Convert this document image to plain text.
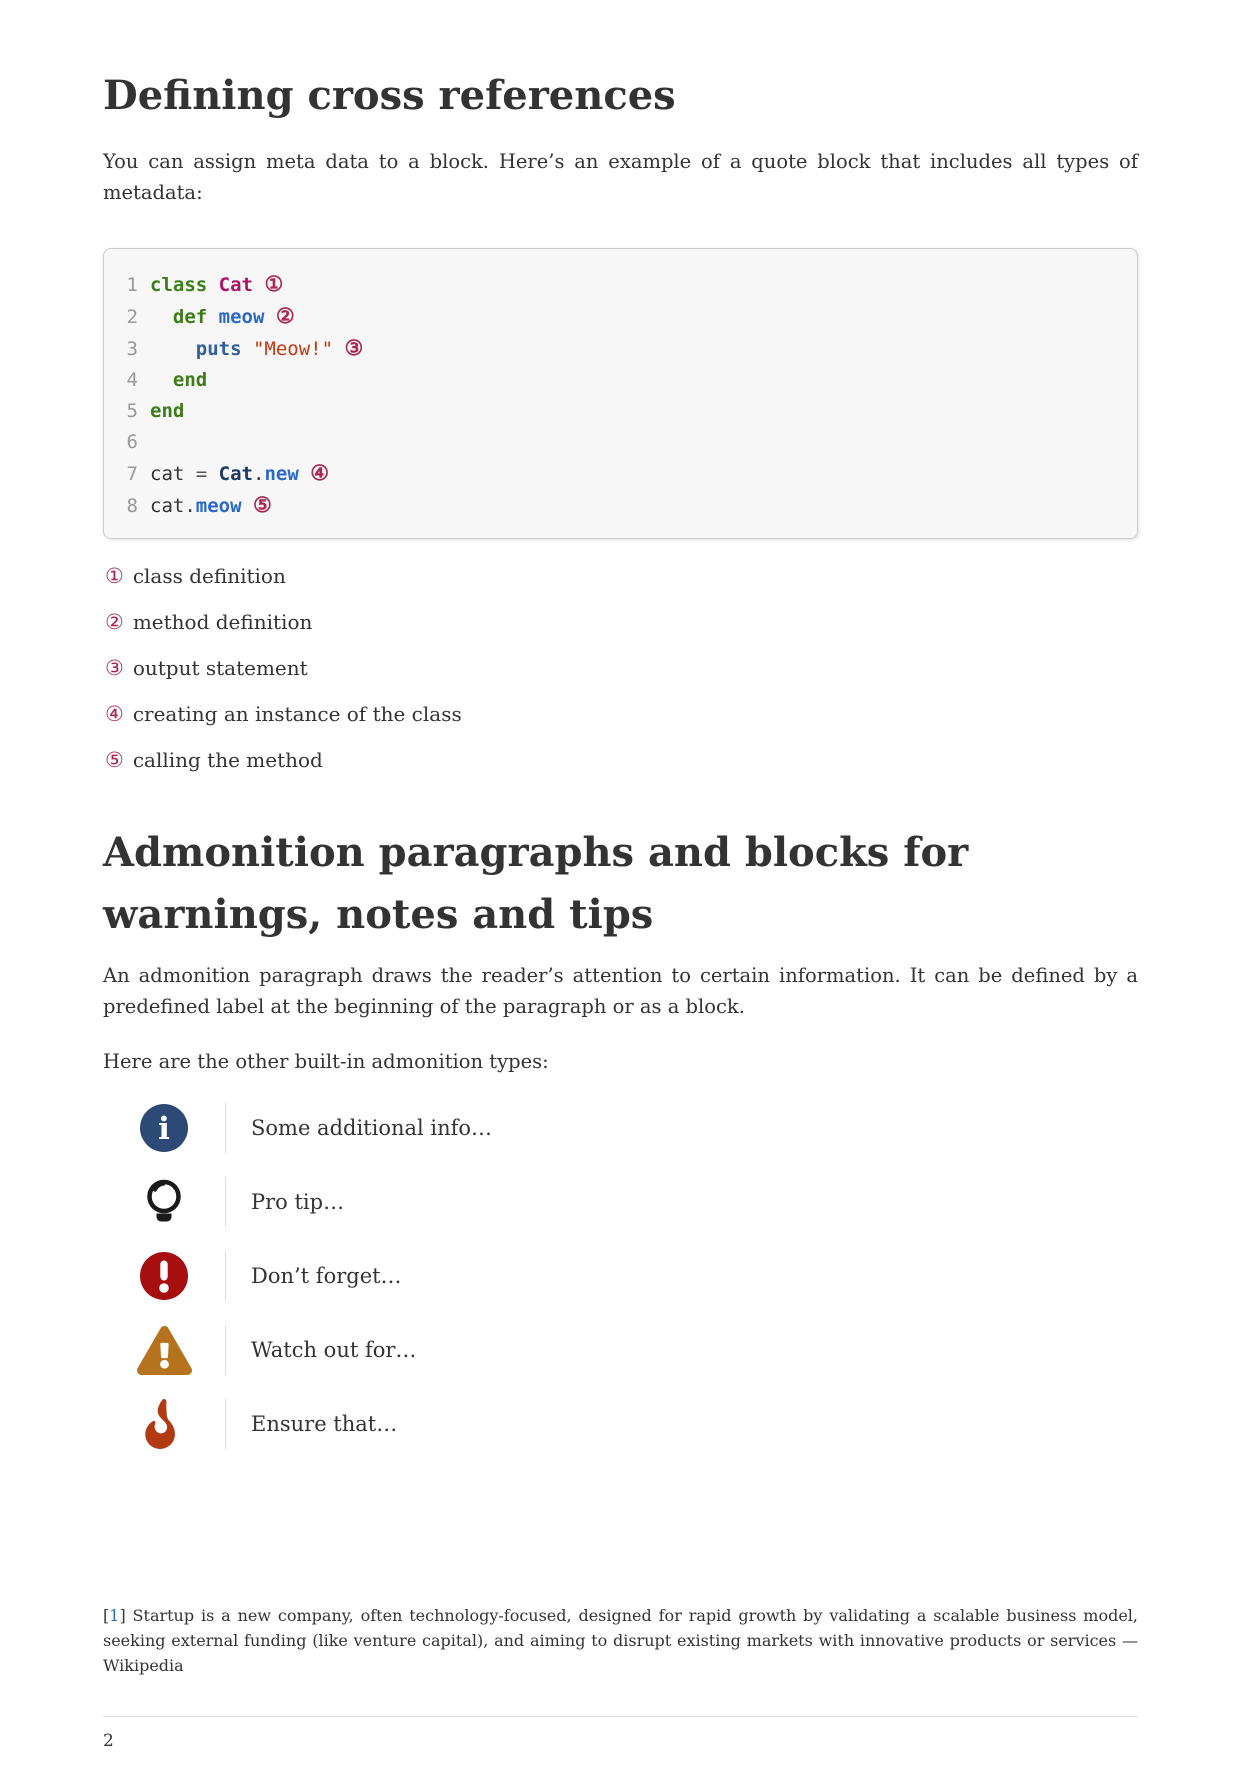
Defining cross references

You can assign meta data to a block. Here’s an example of a quote block that includes all types of metadata:

1 class Cat ①
2 def meow ②
3	puts "Meow!" ③
4 end
5 end
6
7 cat = Cat.new ④
8 cat.meow ⑤
① class definition
② method definition
③ output statement
④ creating an instance of the class
⑤ calling the method
Admonition paragraphs and blocks for warnings, notes and tips

An admonition paragraph draws the reader’s attention to certain information. It can be defined by a predefined label at the beginning of the paragraph or as a block.

Here are the other built-in admonition types:

i	Some additional info…
Pro tip…
Don’t forget…
Watch out for…
Ensure that…

[1] Startup is a new company, often technology-focused, designed for rapid growth by validating a scalable business model, seeking external funding (like venture capital), and aiming to disrupt existing markets with innovative products or services — Wikipedia

2
